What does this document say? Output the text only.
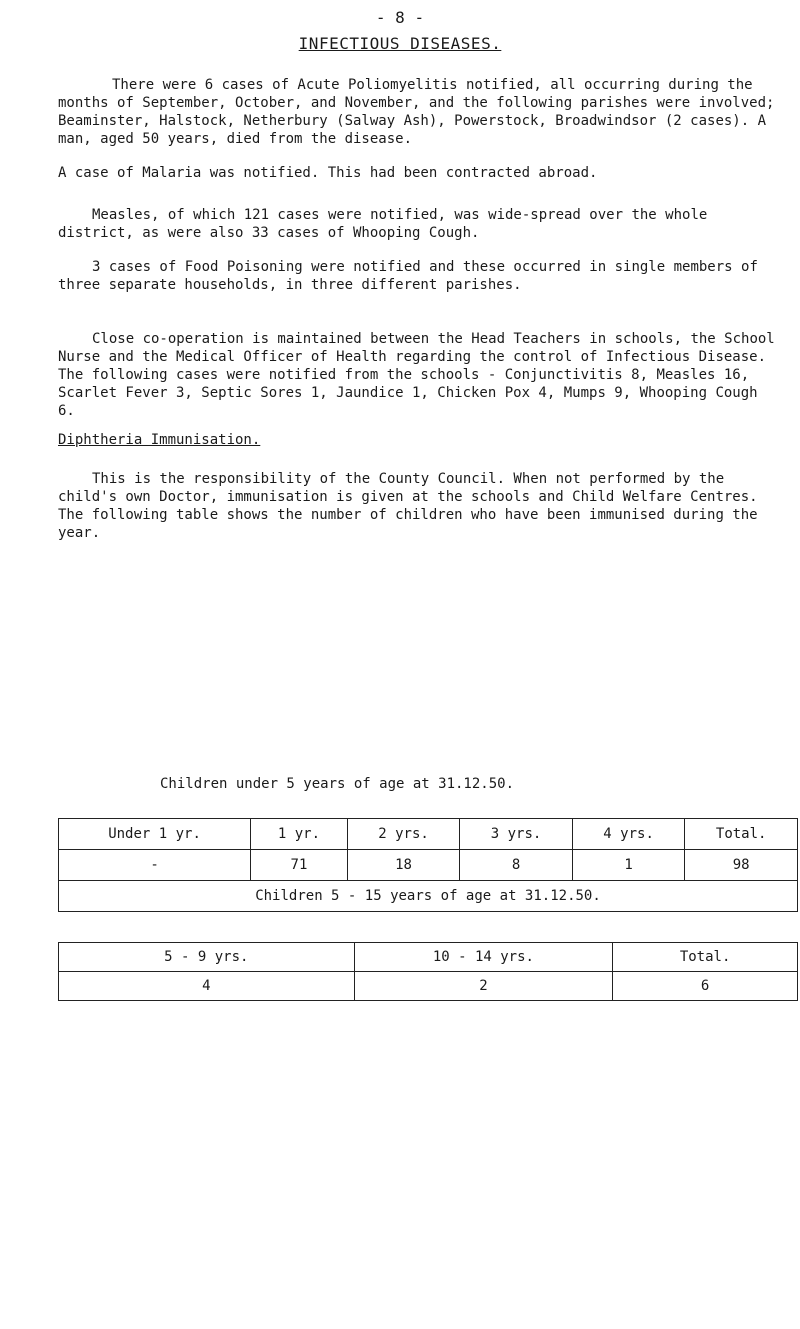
- 8 -
INFECTIOUS DISEASES.

There were 6 cases of Acute Poliomyelitis notified, all occurring during the months of September, October, and November, and the following parishes were involved; Beaminster, Halstock, Netherbury (Salway Ash), Powerstock, Broadwindsor (2 cases). A man, aged 50 years, died from the disease.

A case of Malaria was notified. This had been contracted abroad.

Measles, of which 121 cases were notified, was wide-spread over the whole district, as were also 33 cases of Whooping Cough.

3 cases of Food Poisoning were notified and these occurred in single members of three separate households, in three different parishes.

Close co-operation is maintained between the Head Teachers in schools, the School Nurse and the Medical Officer of Health regarding the control of Infectious Disease. The following cases were notified from the schools - Conjunctivitis 8, Measles 16, Scarlet Fever 3, Septic Sores 1, Jaundice 1, Chicken Pox 4, Mumps 9, Whooping Cough 6.

Diphtheria Immunisation.

This is the responsibility of the County Council. When not performed by the child's own Doctor, immunisation is given at the schools and Child Welfare Centres. The following table shows the number of children who have been immunised during the year.

Children under 5 years of age at 31.12.50.
Under 1 yr.	1 yr.	2 yrs.	3 yrs.	4 yrs.	Total.
-	71	18	8	1	98
Children 5 - 15 years of age at 31.12.50.					
5 - 9 yrs.	10 - 14 yrs.	Total.
4	2	6
